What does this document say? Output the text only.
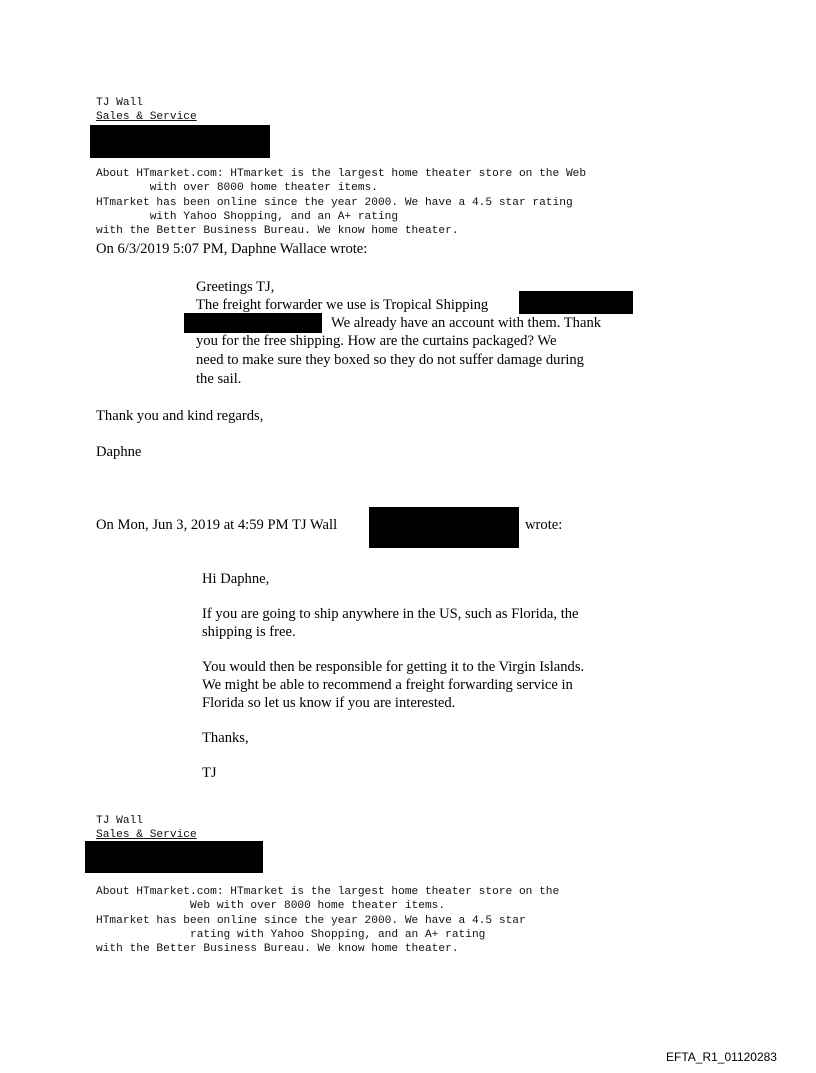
TJ Wall
Sales & Service
About HTmarket.com: HTmarket is the largest home theater store on the Web
with over 8000 home theater items.
HTmarket has been online since the year 2000. We have a 4.5 star rating
with Yahoo Shopping, and an A+ rating
with the Better Business Bureau. We know home theater.
On 6/3/2019 5:07 PM, Daphne Wallace wrote:
Greetings TJ,
The freight forwarder we use is Tropical Shipping
We already have an account with them. Thank
you for the free shipping. How are the curtains packaged? We
need to make sure they boxed so they do not suffer damage during
the sail.
Thank you and kind regards,
Daphne
On Mon, Jun 3, 2019 at 4:59 PM TJ Wall	wrote:
Hi Daphne,
If you are going to ship anywhere in the US, such as Florida, the
shipping is free.
You would then be responsible for getting it to the Virgin Islands.
We might be able to recommend a freight forwarding service in
Florida so let us know if you are interested.
Thanks,
TJ
TJ Wall
Sales & Service
About HTmarket.com: HTmarket is the largest home theater store on the
Web with over 8000 home theater items.
HTmarket has been online since the year 2000. We have a 4.5 star
rating with Yahoo Shopping, and an A+ rating
with the Better Business Bureau. We know home theater.
EFTA_R1_01120283
